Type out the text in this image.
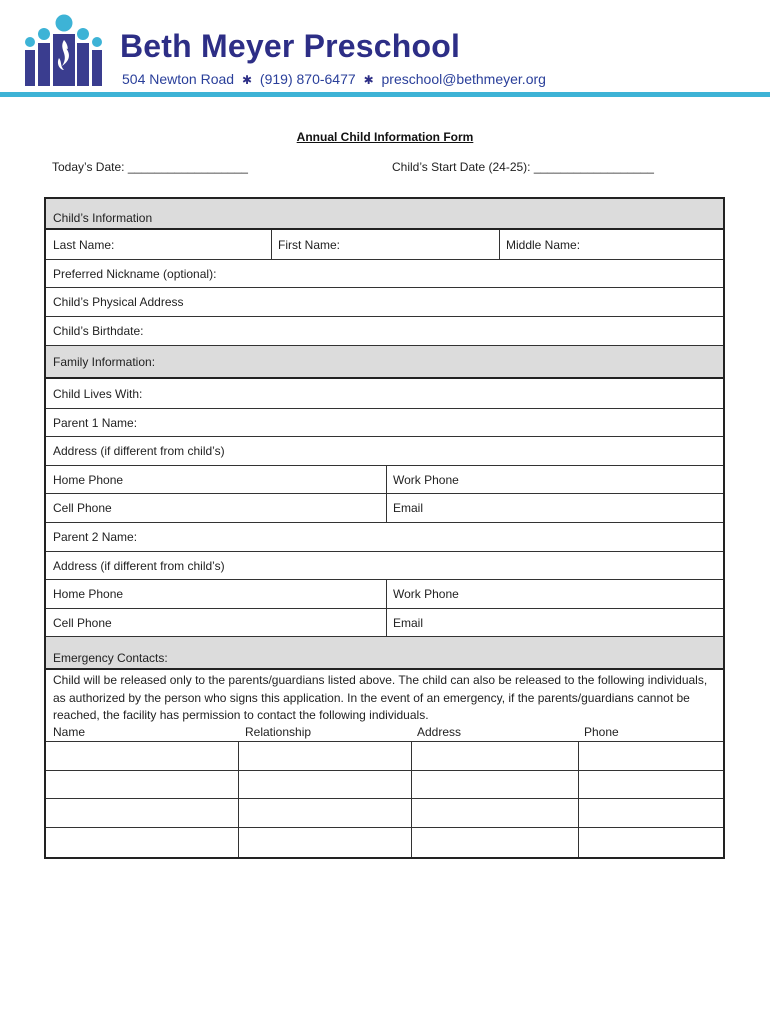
Beth Meyer Preschool
504 Newton Road ✱ (919) 870-6477 ✱ preschool@bethmeyer.org
Annual Child Information Form
Today’s Date: __________________	Child’s Start Date (24-25): __________________
Child’s Information
Last Name:	First Name:	Middle Name:
Preferred Nickname (optional):
Child’s Physical Address
Child’s Birthdate:
Family Information:
Child Lives With:
Parent 1 Name:
Address (if different from child’s)
Home Phone	Work Phone
Cell Phone	Email
Parent 2 Name:
Address (if different from child’s)
Home Phone	Work Phone
Cell Phone	Email
Emergency Contacts:
Child will be released only to the parents/guardians listed above. The child can also be released to the following individuals, as authorized by the person who signs this application. In the event of an emergency, if the parents/guardians cannot be reached, the facility has permission to contact the following individuals.
Name	Relationship	Address	Phone
